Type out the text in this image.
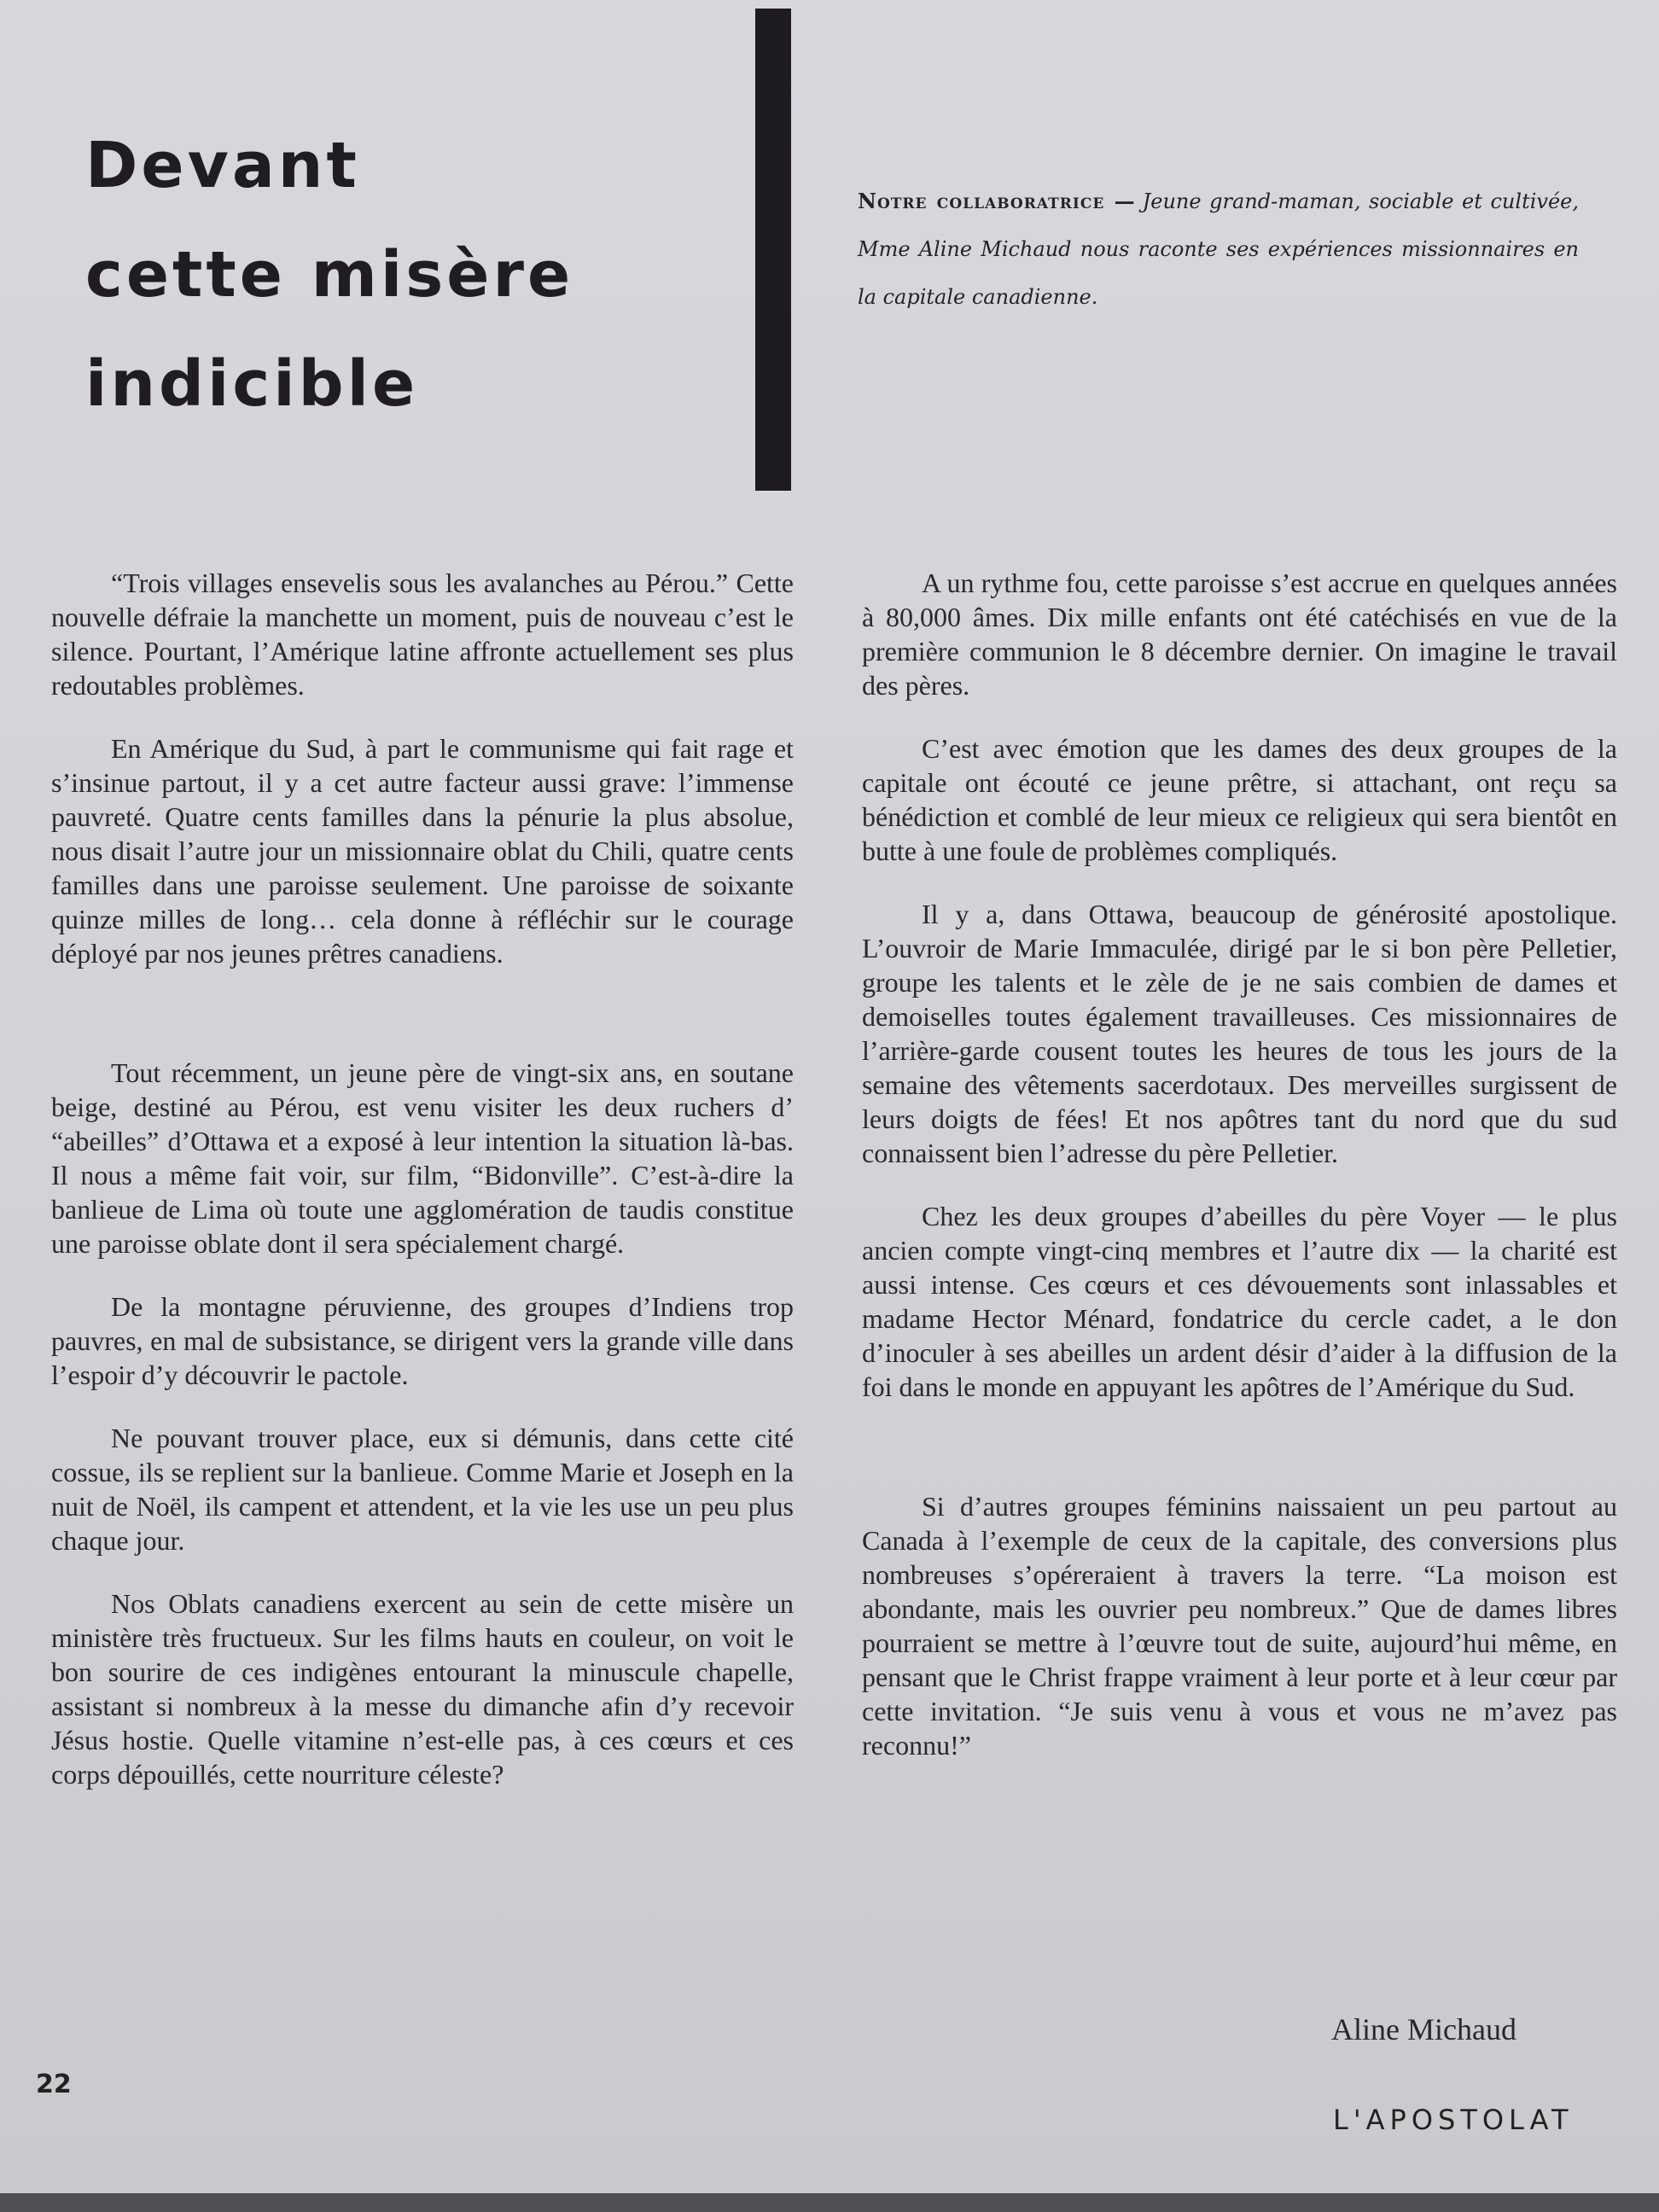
Devant
cette misère
indicible
Notre collaboratrice — Jeune grand-maman, sociable et cultivée, Mme Aline Michaud nous raconte ses expériences missionnaires en la capitale canadienne.

“Trois villages ensevelis sous les avalanches au Pérou.” Cette nouvelle défraie la manchette un moment, puis de nouveau c’est le silence. Pourtant, l’Amérique latine affronte actuellement ses plus redoutables problèmes.

En Amérique du Sud, à part le communisme qui fait rage et s’insinue partout, il y a cet autre facteur aussi grave: l’immense pauvreté. Quatre cents familles dans la pénurie la plus absolue, nous disait l’autre jour un missionnaire oblat du Chili, quatre cents familles dans une paroisse seulement. Une paroisse de soixante quinze milles de long… cela donne à réfléchir sur le courage déployé par nos jeunes prêtres canadiens.

Tout récemment, un jeune père de vingt-six ans, en soutane beige, destiné au Pérou, est venu visiter les deux ruchers d’ “abeilles” d’Ottawa et a exposé à leur intention la situation là-bas. Il nous a même fait voir, sur film, “Bidonville”. C’est-à-dire la banlieue de Lima où toute une agglomération de taudis constitue une paroisse oblate dont il sera spécialement chargé.

De la montagne péruvienne, des groupes d’Indiens trop pauvres, en mal de subsistance, se dirigent vers la grande ville dans l’espoir d’y découvrir le pactole.

Ne pouvant trouver place, eux si démunis, dans cette cité cossue, ils se replient sur la banlieue. Comme Marie et Joseph en la nuit de Noël, ils campent et attendent, et la vie les use un peu plus chaque jour.

Nos Oblats canadiens exercent au sein de cette misère un ministère très fructueux. Sur les films hauts en couleur, on voit le bon sourire de ces indigènes entourant la minuscule chapelle, assistant si nombreux à la messe du dimanche afin d’y recevoir Jésus hostie. Quelle vitamine n’est-elle pas, à ces cœurs et ces corps dépouillés, cette nourriture céleste?

A un rythme fou, cette paroisse s’est accrue en quelques années à 80,000 âmes. Dix mille enfants ont été catéchisés en vue de la première communion le 8 décembre dernier. On imagine le travail des pères.

C’est avec émotion que les dames des deux groupes de la capitale ont écouté ce jeune prêtre, si attachant, ont reçu sa bénédiction et comblé de leur mieux ce religieux qui sera bientôt en butte à une foule de problèmes compliqués.

Il y a, dans Ottawa, beaucoup de générosité apostolique. L’ouvroir de Marie Immaculée, dirigé par le si bon père Pelletier, groupe les talents et le zèle de je ne sais combien de dames et demoiselles toutes également travailleuses. Ces missionnaires de l’arrière-garde cousent toutes les heures de tous les jours de la semaine des vêtements sacerdotaux. Des merveilles surgissent de leurs doigts de fées! Et nos apôtres tant du nord que du sud connaissent bien l’adresse du père Pelletier.

Chez les deux groupes d’abeilles du père Voyer — le plus ancien compte vingt-cinq membres et l’autre dix — la charité est aussi intense. Ces cœurs et ces dévouements sont inlassables et madame Hector Ménard, fondatrice du cercle cadet, a le don d’inoculer à ses abeilles un ardent désir d’aider à la diffusion de la foi dans le monde en appuyant les apôtres de l’Amérique du Sud.

Si d’autres groupes féminins naissaient un peu partout au Canada à l’exemple de ceux de la capitale, des conversions plus nombreuses s’opéreraient à travers la terre. “La moison est abondante, mais les ouvrier peu nombreux.” Que de dames libres pourraient se mettre à l’œuvre tout de suite, aujourd’hui même, en pensant que le Christ frappe vraiment à leur porte et à leur cœur par cette invitation. “Je suis venu à vous et vous ne m’avez pas reconnu!”

Aline Michaud
22
L'APOSTOLAT
